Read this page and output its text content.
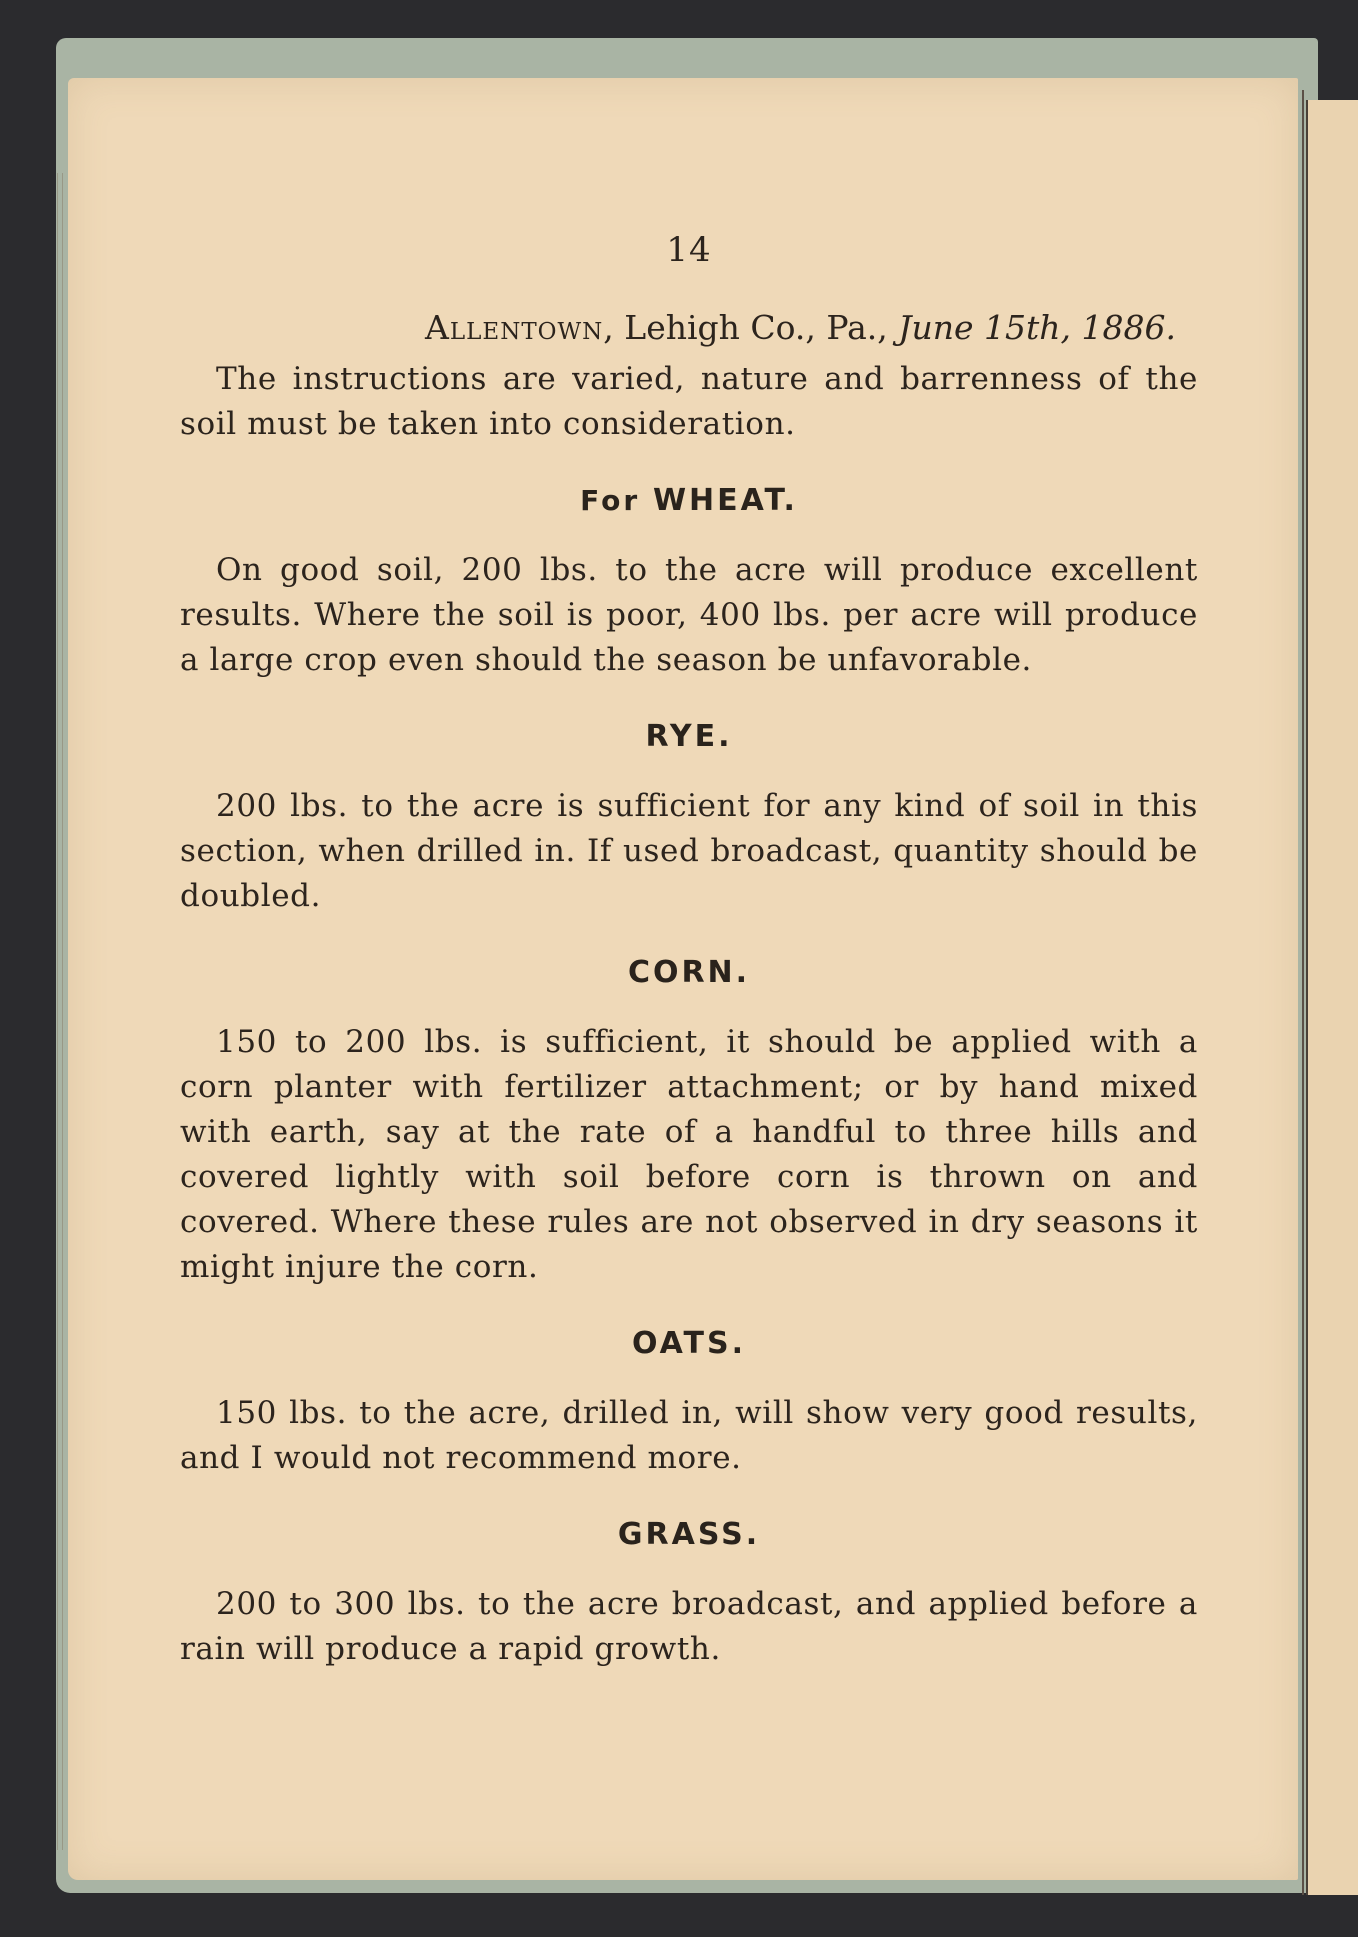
14
Allentown, Lehigh Co., Pa., June 15th, 1886.

The instructions are varied, nature and barrenness of the soil must be taken into consideration.

For WHEAT.

On good soil, 200 lbs. to the acre will produce excellent results. Where the soil is poor, 400 lbs. per acre will produce a large crop even should the season be unfavorable.

RYE.

200 lbs. to the acre is sufficient for any kind of soil in this section, when drilled in. If used broadcast, quantity should be doubled.

CORN.

150 to 200 lbs. is sufficient, it should be applied with a corn planter with fertilizer attachment; or by hand mixed with earth, say at the rate of a handful to three hills and covered lightly with soil before corn is thrown on and covered. Where these rules are not observed in dry seasons it might injure the corn.

OATS.

150 lbs. to the acre, drilled in, will show very good results, and I would not recommend more.

GRASS.

200 to 300 lbs. to the acre broadcast, and applied before a rain will produce a rapid growth.
